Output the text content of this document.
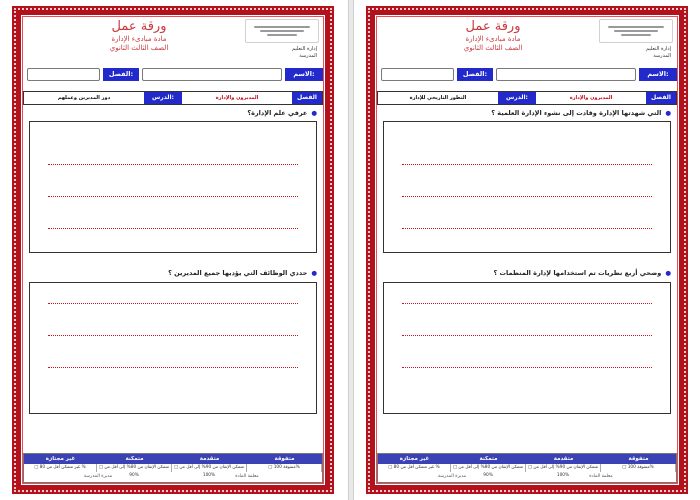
إدارة التعليم
المدرسة
ورقة عمل
مادة مبادىء الإدارة
الصف الثالث الثانوي
الاسم:
الفصل:
الفصل
المديرون والإدارة
الدرس:
دور المديرين وعملهم
●عرفي علم الإدارة؟
●حددي الوظائف التي يؤديها جميع المديرين ؟
متفوقة
متقدمة
متمكنة
غير مجتازة
□ متفوقة 100%
□ متمكن الإتقان من 90% إلى أقل من 100%
□ متمكن الإتقان من 80% إلى أقل من 90%
□ غير متمكن أقل من 80 %
معلمة المادة
مديرة المدرسة
إدارة التعليم
المدرسة
ورقة عمل
مادة مبادىء الإدارة
الصف الثالث الثانوي
الاسم:
الفصل:
الفصل
المديرون والإدارة
الدرس:
التطور التاريخي للإدارة
●التي شهدتها الإدارة وقادت إلى نشوء الإدارة العلمية ؟
●وضحي أربع نظريات تم استخدامها لإدارة المنظمات ؟
متفوقة
متقدمة
متمكنة
غير مجتازة
□ متفوقة 100%
□ متمكن الإتقان من 90% إلى أقل من 100%
□ متمكن الإتقان من 80% إلى أقل من 90%
□ غير متمكن أقل من 80 %
معلمة المادة
مديرة المدرسة
